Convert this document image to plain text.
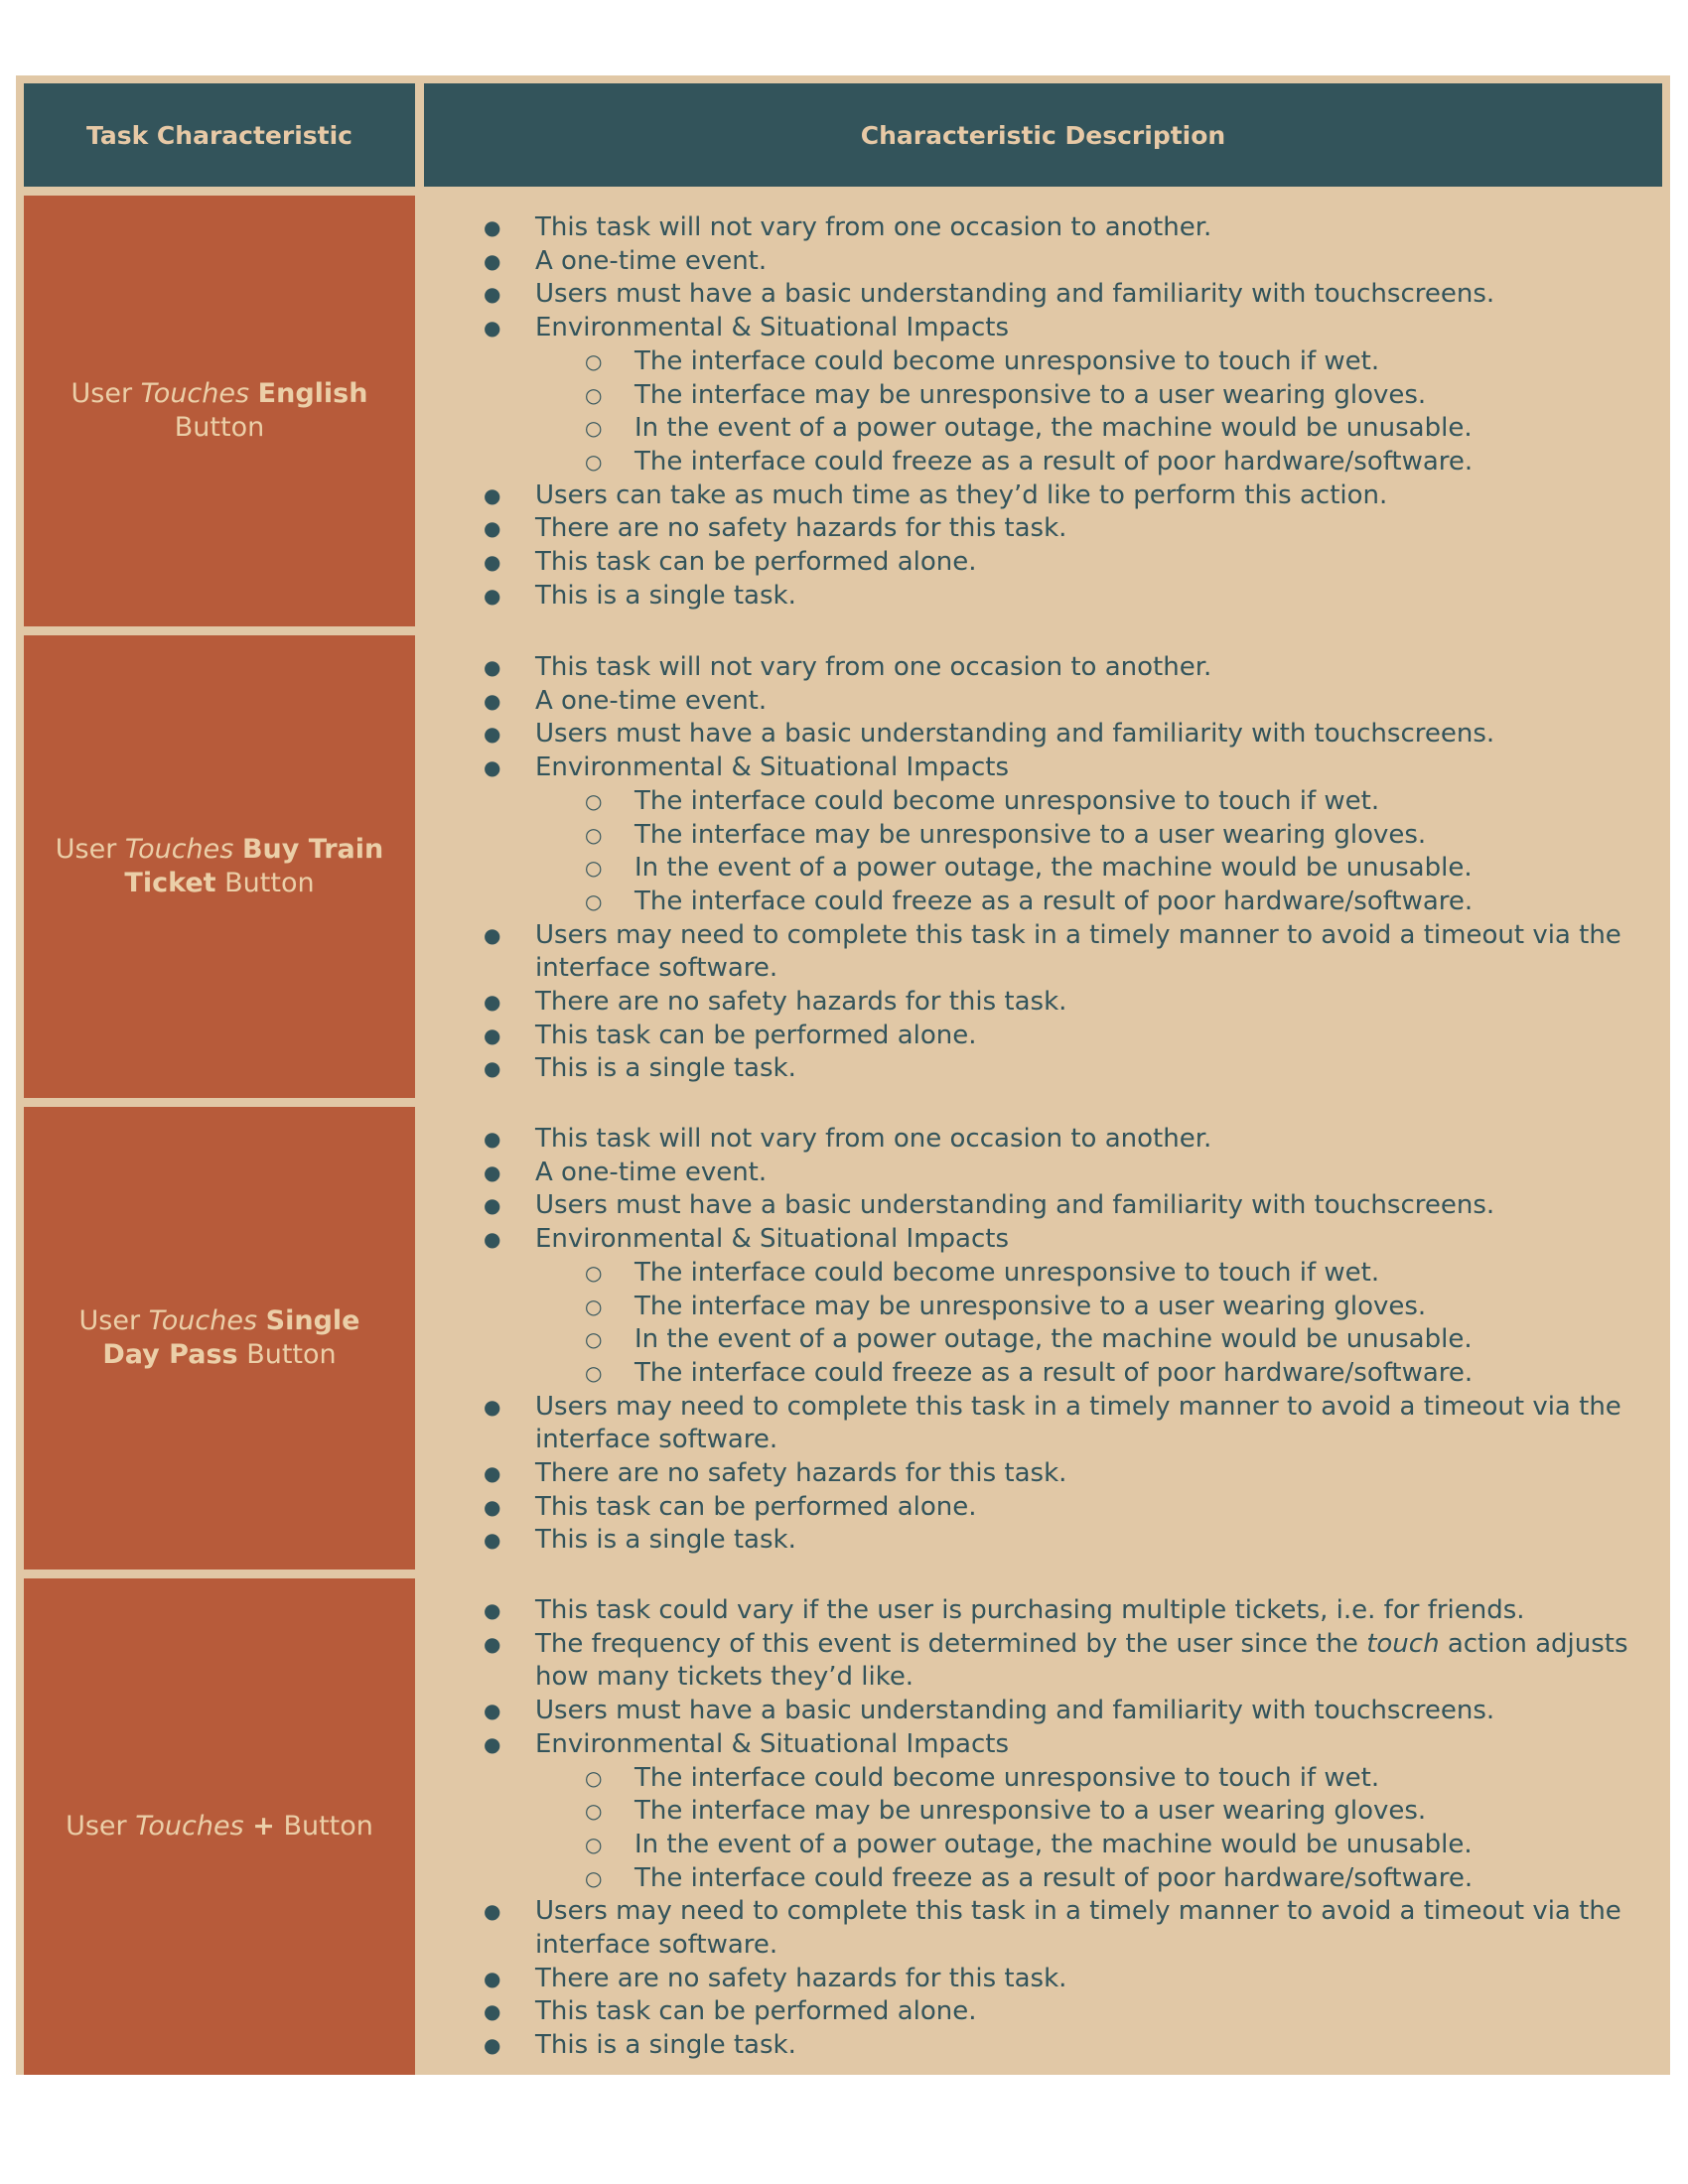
Task Characteristic	Characteristic Description
User Touches English Button
● This task will not vary from one occasion to another.
● A one-time event.
● Users must have a basic understanding and familiarity with touchscreens.
● Environmental & Situational Impacts
○ The interface could become unresponsive to touch if wet.
○ The interface may be unresponsive to a user wearing gloves.
○ In the event of a power outage, the machine would be unusable.
○ The interface could freeze as a result of poor hardware/software.
● Users can take as much time as they’d like to perform this action.
● There are no safety hazards for this task.
● This task can be performed alone.
● This is a single task.
User Touches Buy Train Ticket Button
● This task will not vary from one occasion to another.
● A one-time event.
● Users must have a basic understanding and familiarity with touchscreens.
● Environmental & Situational Impacts
○ The interface could become unresponsive to touch if wet.
○ The interface may be unresponsive to a user wearing gloves.
○ In the event of a power outage, the machine would be unusable.
○ The interface could freeze as a result of poor hardware/software.
● Users may need to complete this task in a timely manner to avoid a timeout via the interface software.
● There are no safety hazards for this task.
● This task can be performed alone.
● This is a single task.
User Touches Single Day Pass Button
● This task will not vary from one occasion to another.
● A one-time event.
● Users must have a basic understanding and familiarity with touchscreens.
● Environmental & Situational Impacts
○ The interface could become unresponsive to touch if wet.
○ The interface may be unresponsive to a user wearing gloves.
○ In the event of a power outage, the machine would be unusable.
○ The interface could freeze as a result of poor hardware/software.
● Users may need to complete this task in a timely manner to avoid a timeout via the interface software.
● There are no safety hazards for this task.
● This task can be performed alone.
● This is a single task.
User Touches + Button
● This task could vary if the user is purchasing multiple tickets, i.e. for friends.
● The frequency of this event is determined by the user since the touch action adjusts how many tickets they’d like.
● Users must have a basic understanding and familiarity with touchscreens.
● Environmental & Situational Impacts
○ The interface could become unresponsive to touch if wet.
○ The interface may be unresponsive to a user wearing gloves.
○ In the event of a power outage, the machine would be unusable.
○ The interface could freeze as a result of poor hardware/software.
● Users may need to complete this task in a timely manner to avoid a timeout via the interface software.
● There are no safety hazards for this task.
● This task can be performed alone.
● This is a single task.
